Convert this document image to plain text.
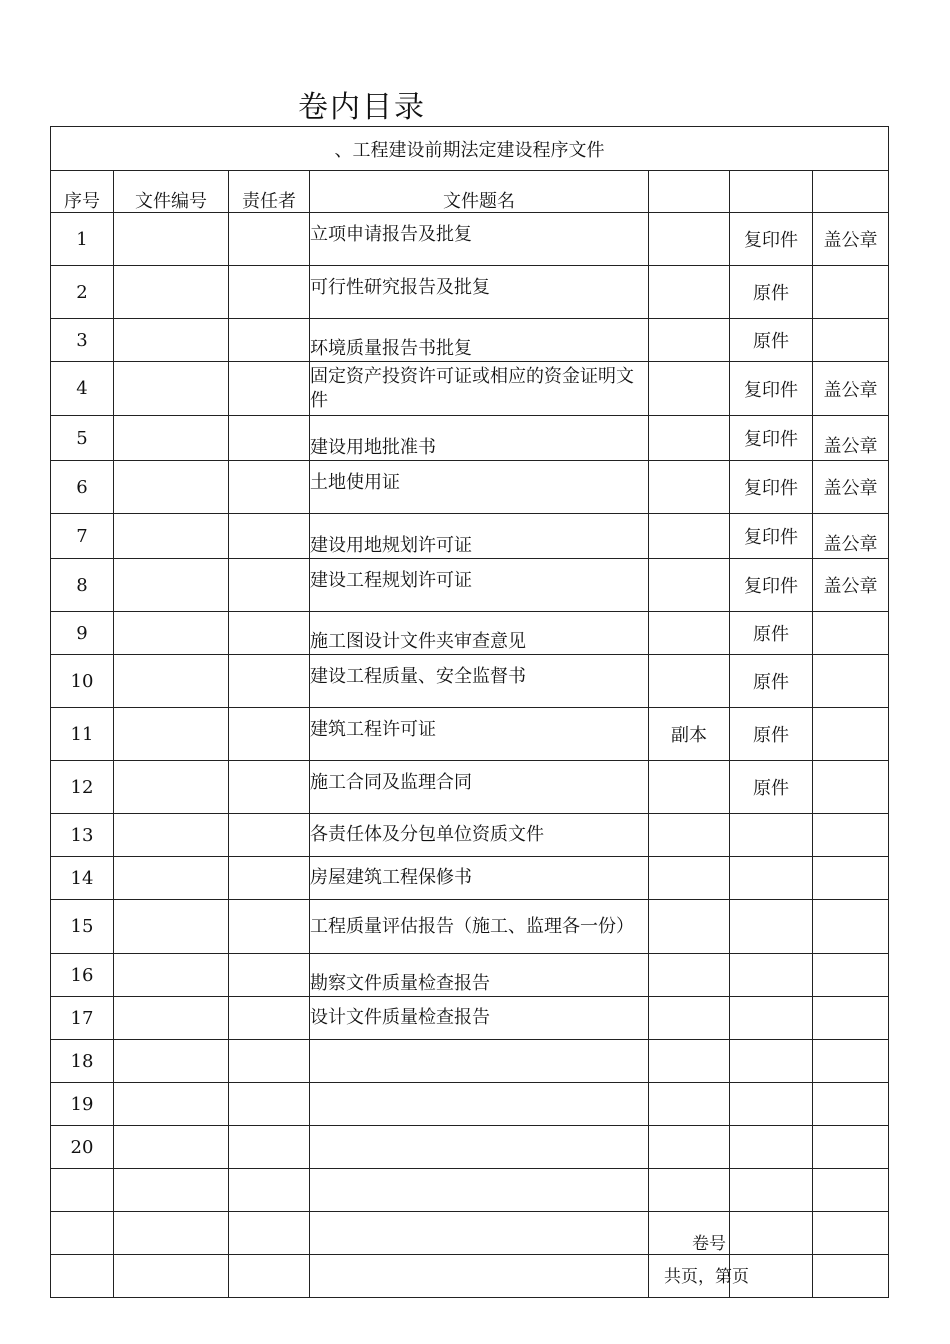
卷内目录
、工程建设前期法定建设程序文件						

序号	文件编号	责任者	文件题名			

1			立项申请报告及批复		复印件	盖公章
2			可行性研究报告及批复		原件	
3			环境质量报告书批复		原件	
4			固定资产投资许可证或相应的资金证明文件		复印件	盖公章
5			建设用地批准书		复印件	盖公章
6			土地使用证		复印件	盖公章
7			建设用地规划许可证		复印件	盖公章
8			建设工程规划许可证		复印件	盖公章
9			施工图设计文件夹审查意见		原件	
10			建设工程质量、安全监督书		原件	
11			建筑工程许可证	副本	原件	
12			施工合同及监理合同		原件	
13			各责任体及分包单位资质文件			
14			房屋建筑工程保修书			
15			工程质量评估报告（施工、监理各一份）			
16			勘察文件质量检查报告			
17			设计文件质量检查报告			
18						
19						
20						

卷号
共页，第页
